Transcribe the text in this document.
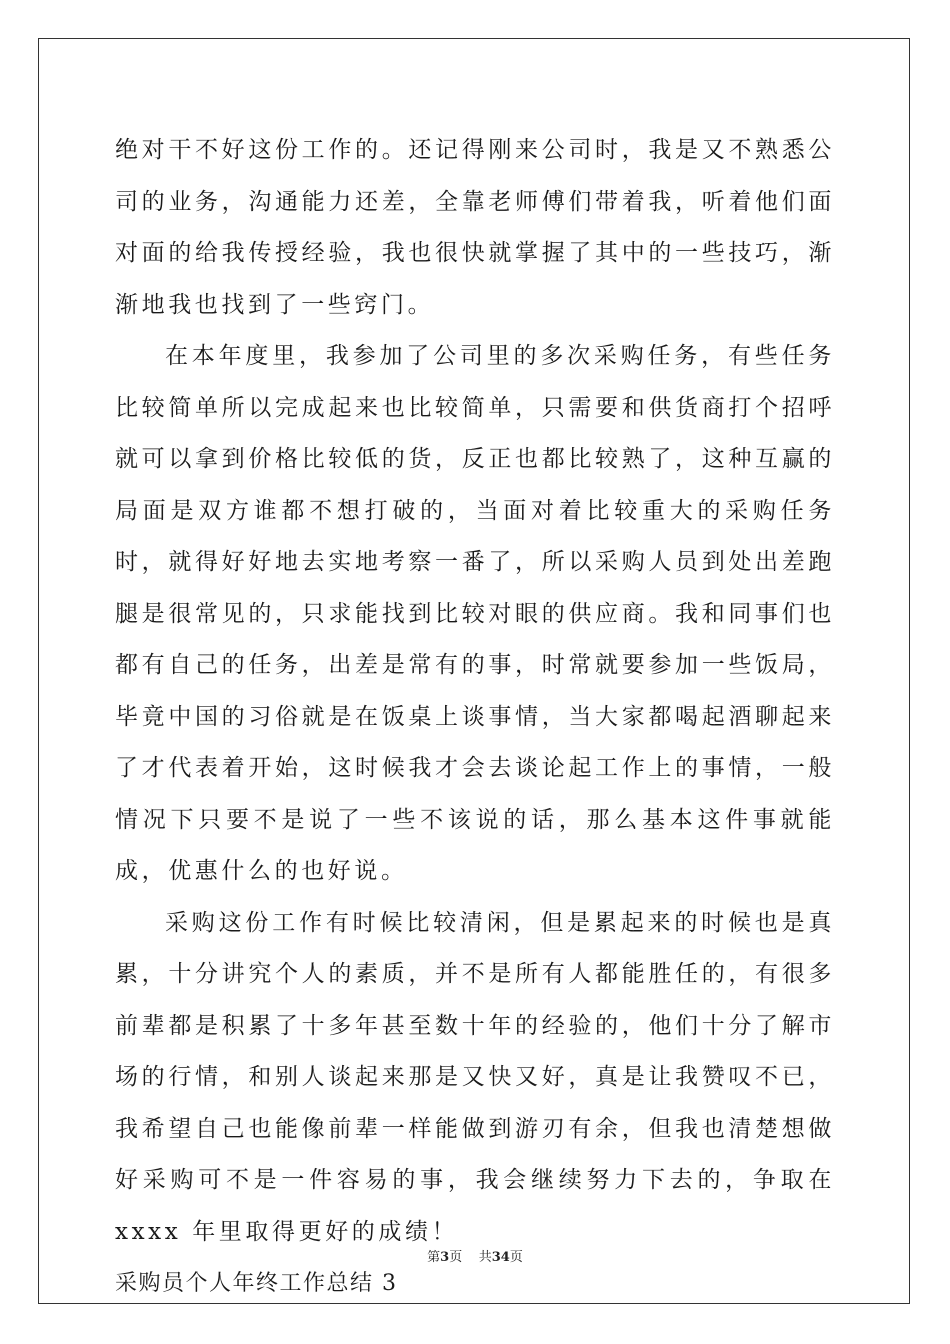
绝对干不好这份工作的。还记得刚来公司时，我是又不熟悉公司的业务，沟通能力还差，全靠老师傅们带着我，听着他们面对面的给我传授经验，我也很快就掌握了其中的一些技巧，渐渐地我也找到了一些窍门。

在本年度里，我参加了公司里的多次采购任务，有些任务比较简单所以完成起来也比较简单，只需要和供货商打个招呼就可以拿到价格比较低的货，反正也都比较熟了，这种互赢的局面是双方谁都不想打破的，当面对着比较重大的采购任务时，就得好好地去实地考察一番了，所以采购人员到处出差跑腿是很常见的，只求能找到比较对眼的供应商。我和同事们也都有自己的任务，出差是常有的事，时常就要参加一些饭局，毕竟中国的习俗就是在饭桌上谈事情，当大家都喝起酒聊起来了才代表着开始，这时候我才会去谈论起工作上的事情，一般情况下只要不是说了一些不该说的话，那么基本这件事就能成，优惠什么的也好说。

采购这份工作有时候比较清闲，但是累起来的时候也是真累，十分讲究个人的素质，并不是所有人都能胜任的，有很多前辈都是积累了十多年甚至数十年的经验的，他们十分了解市场的行情，和别人谈起来那是又快又好，真是让我赞叹不已，我希望自己也能像前辈一样能做到游刃有余，但我也清楚想做好采购可不是一件容易的事，我会继续努力下去的，争取在 xxxx 年里取得更好的成绩！

采购员个人年终工作总结 3

第3页 共34页
